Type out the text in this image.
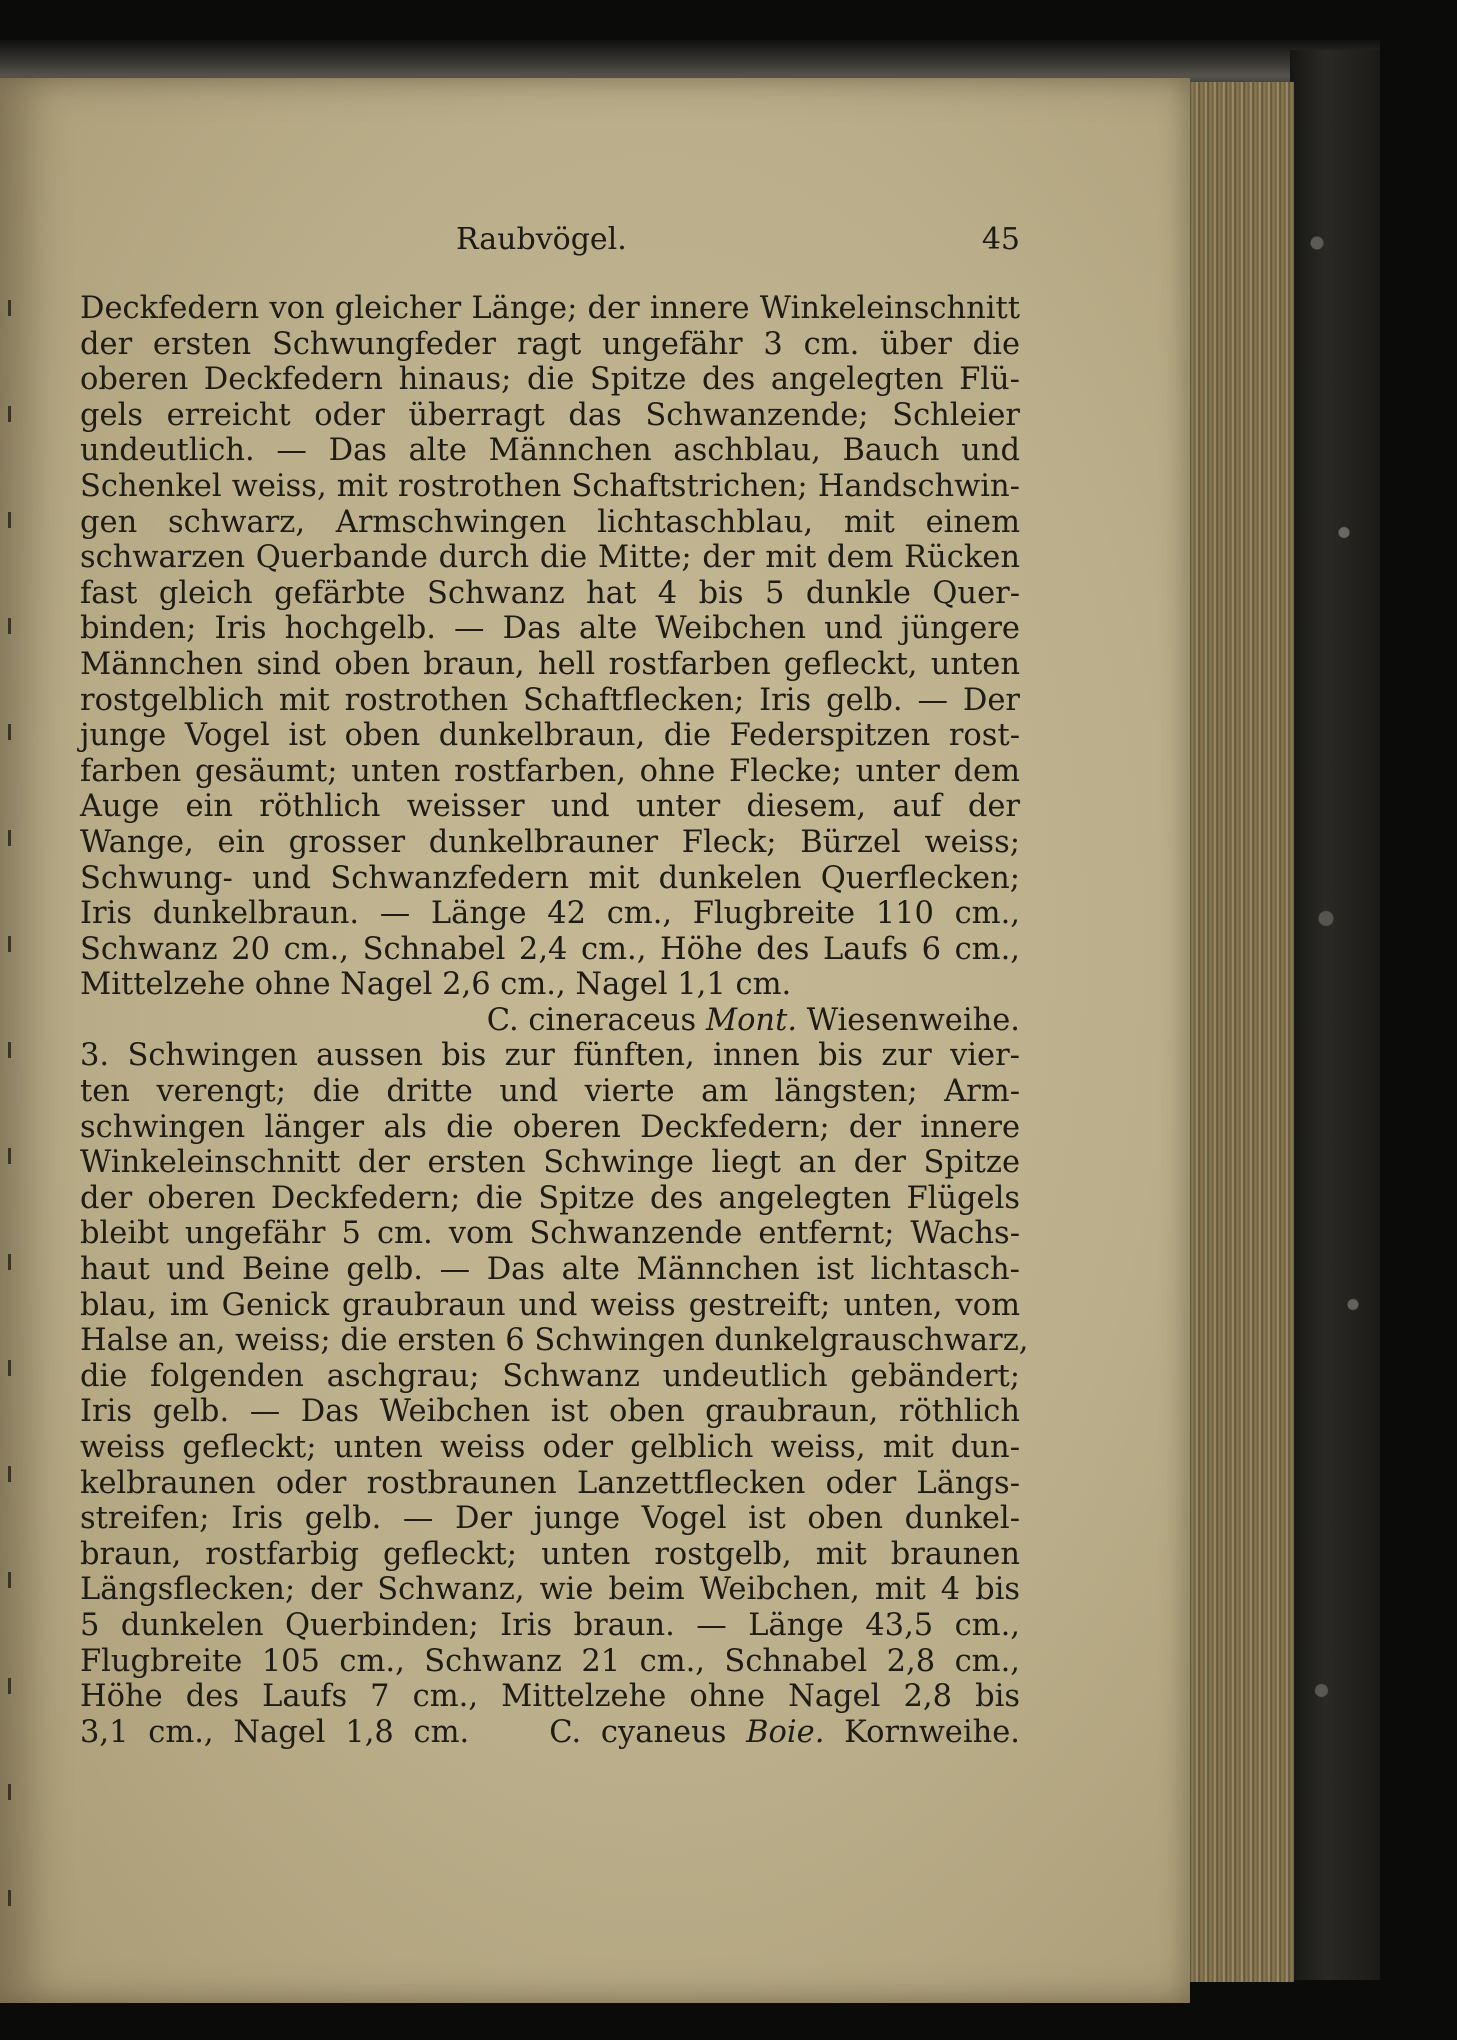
Raubvögel.	45
Deckfedern von gleicher Länge; der innere Winkeleinschnitt
der ersten Schwungfeder ragt ungefähr 3 cm. über die
oberen Deckfedern hinaus; die Spitze des angelegten Flü-
gels erreicht oder überragt das Schwanzende; Schleier
undeutlich. — Das alte Männchen aschblau, Bauch und
Schenkel weiss, mit rostrothen Schaftstrichen; Handschwin-
gen schwarz, Armschwingen lichtaschblau, mit einem
schwarzen Querbande durch die Mitte; der mit dem Rücken
fast gleich gefärbte Schwanz hat 4 bis 5 dunkle Quer-
binden; Iris hochgelb. — Das alte Weibchen und jüngere
Männchen sind oben braun, hell rostfarben gefleckt, unten
rostgelblich mit rostrothen Schaftflecken; Iris gelb. — Der
junge Vogel ist oben dunkelbraun, die Federspitzen rost-
farben gesäumt; unten rostfarben, ohne Flecke; unter dem
Auge ein röthlich weisser und unter diesem, auf der
Wange, ein grosser dunkelbrauner Fleck; Bürzel weiss;
Schwung- und Schwanzfedern mit dunkelen Querflecken;
Iris dunkelbraun. — Länge 42 cm., Flugbreite 110 cm.,
Schwanz 20 cm., Schnabel 2,4 cm., Höhe des Laufs 6 cm.,
Mittelzehe ohne Nagel 2,6 cm., Nagel 1,1 cm.
C. cineraceus Mont. Wiesenweihe.
3. Schwingen aussen bis zur fünften, innen bis zur vier-
ten verengt; die dritte und vierte am längsten; Arm-
schwingen länger als die oberen Deckfedern; der innere
Winkeleinschnitt der ersten Schwinge liegt an der Spitze
der oberen Deckfedern; die Spitze des angelegten Flügels
bleibt ungefähr 5 cm. vom Schwanzende entfernt; Wachs-
haut und Beine gelb. — Das alte Männchen ist lichtasch-
blau, im Genick graubraun und weiss gestreift; unten, vom
Halse an, weiss; die ersten 6 Schwingen dunkelgrauschwarz,
die folgenden aschgrau; Schwanz undeutlich gebändert;
Iris gelb. — Das Weibchen ist oben graubraun, röthlich
weiss gefleckt; unten weiss oder gelblich weiss, mit dun-
kelbraunen oder rostbraunen Lanzettflecken oder Längs-
streifen; Iris gelb. — Der junge Vogel ist oben dunkel-
braun, rostfarbig gefleckt; unten rostgelb, mit braunen
Längsflecken; der Schwanz, wie beim Weibchen, mit 4 bis
5 dunkelen Querbinden; Iris braun. — Länge 43,5 cm.,
Flugbreite 105 cm., Schwanz 21 cm., Schnabel 2,8 cm.,
Höhe des Laufs 7 cm., Mittelzehe ohne Nagel 2,8 bis
3,1 cm., Nagel 1,8 cm.	C. cyaneus Boie. Kornweihe.
